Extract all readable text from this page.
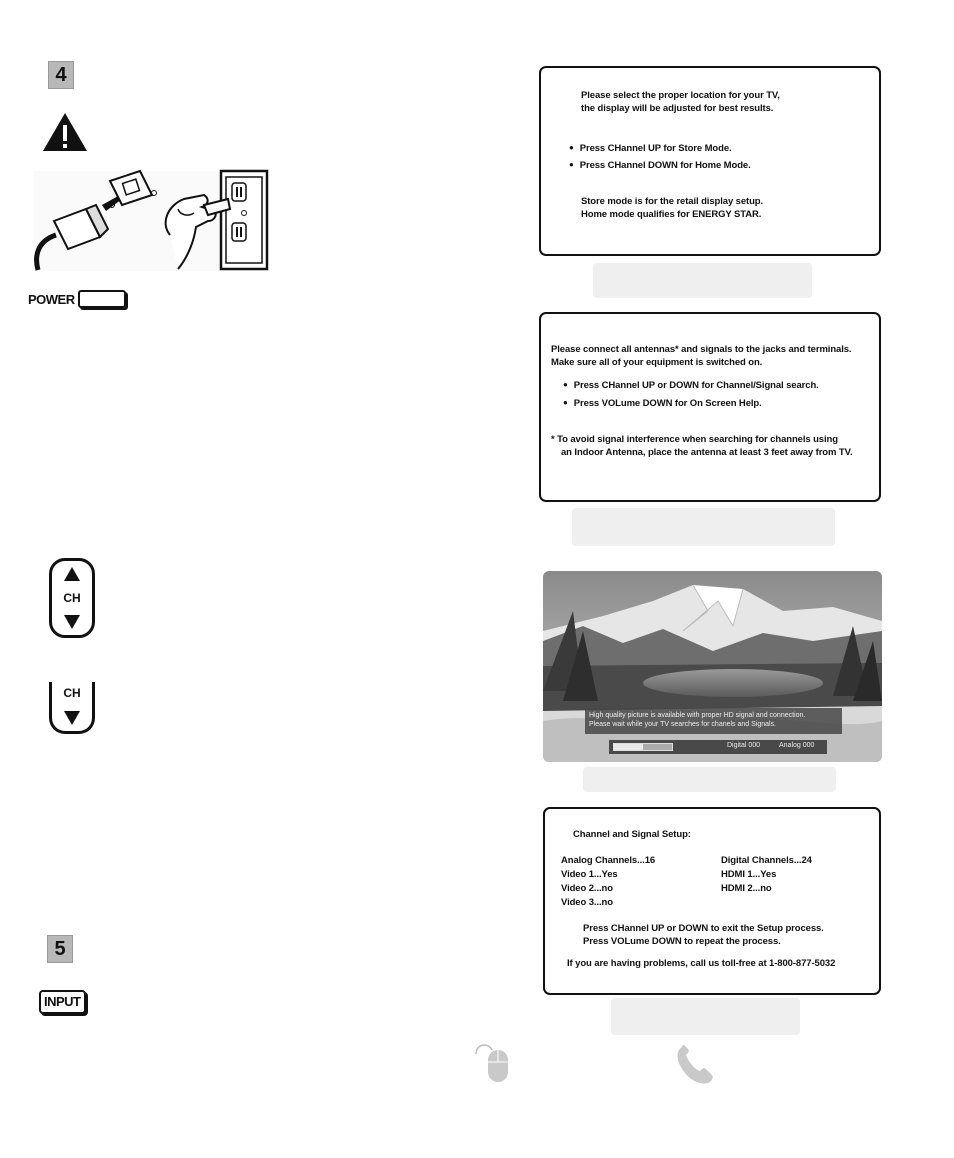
4
POWER
Please select the proper location for your TV,
the display will be adjusted for best results.
● Press CHannel UP for Store Mode.
● Press CHannel DOWN for Home Mode.
Store mode is for the retail display setup.
Home mode qualifies for ENERGY STAR.
Please connect all antennas* and signals to the jacks and terminals.
Make sure all of your equipment is switched on.
● Press CHannel UP or DOWN for Channel/Signal search.
● Press VOLume DOWN for On Screen Help.
* To avoid signal interference when searching for channels using
an Indoor Antenna, place the antenna at least 3 feet away from TV.
High quality picture is available with proper HD signal and connection.
Please wait while your TV searches for chanels and Signals.
Digital 000	Analog 000
CH
CH
Channel and Signal Setup:
Analog Channels...16
Video 1...Yes
Video 2...no
Video 3...no
Digital Channels...24
HDMI 1...Yes
HDMI 2...no
Press CHannel UP or DOWN to exit the Setup process.
Press VOLume DOWN to repeat the process.
If you are having problems, call us toll-free at 1-800-877-5032
5
INPUT
